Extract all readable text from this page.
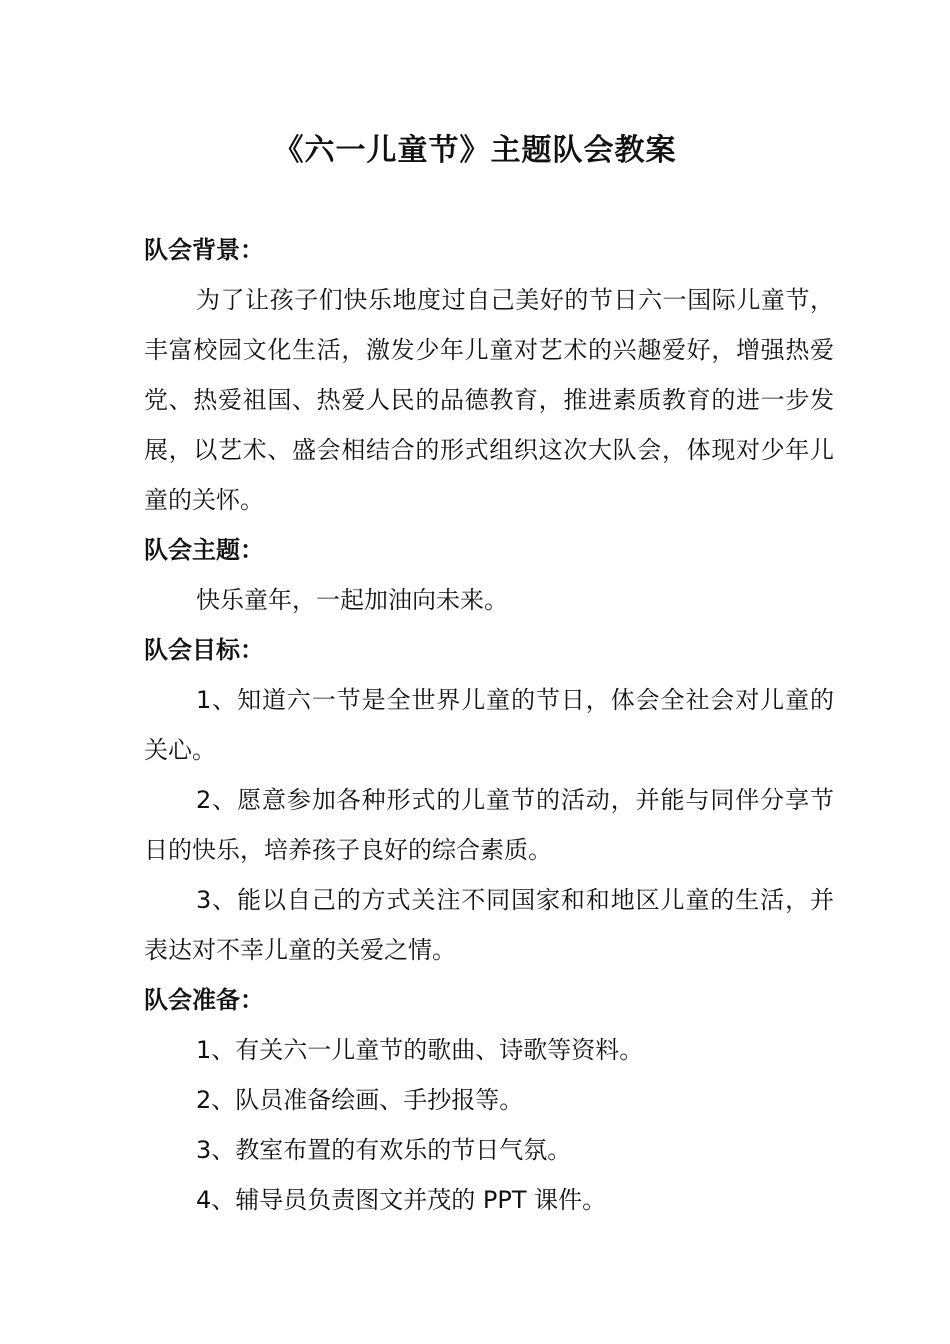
《六一儿童节》主题队会教案

队会背景：

为了让孩子们快乐地度过自己美好的节日六一国际儿童节，丰富校园文化生活，激发少年儿童对艺术的兴趣爱好，增强热爱党、热爱祖国、热爱人民的品德教育，推进素质教育的进一步发展，以艺术、盛会相结合的形式组织这次大队会，体现对少年儿童的关怀。

队会主题：

快乐童年，一起加油向未来。

队会目标：

1、知道六一节是全世界儿童的节日，体会全社会对儿童的关心。

2、愿意参加各种形式的儿童节的活动，并能与同伴分享节日的快乐，培养孩子良好的综合素质。

3、能以自己的方式关注不同国家和和地区儿童的生活，并表达对不幸儿童的关爱之情。

队会准备：

1、有关六一儿童节的歌曲、诗歌等资料。

2、队员准备绘画、手抄报等。

3、教室布置的有欢乐的节日气氛。

4、辅导员负责图文并茂的 PPT 课件。
